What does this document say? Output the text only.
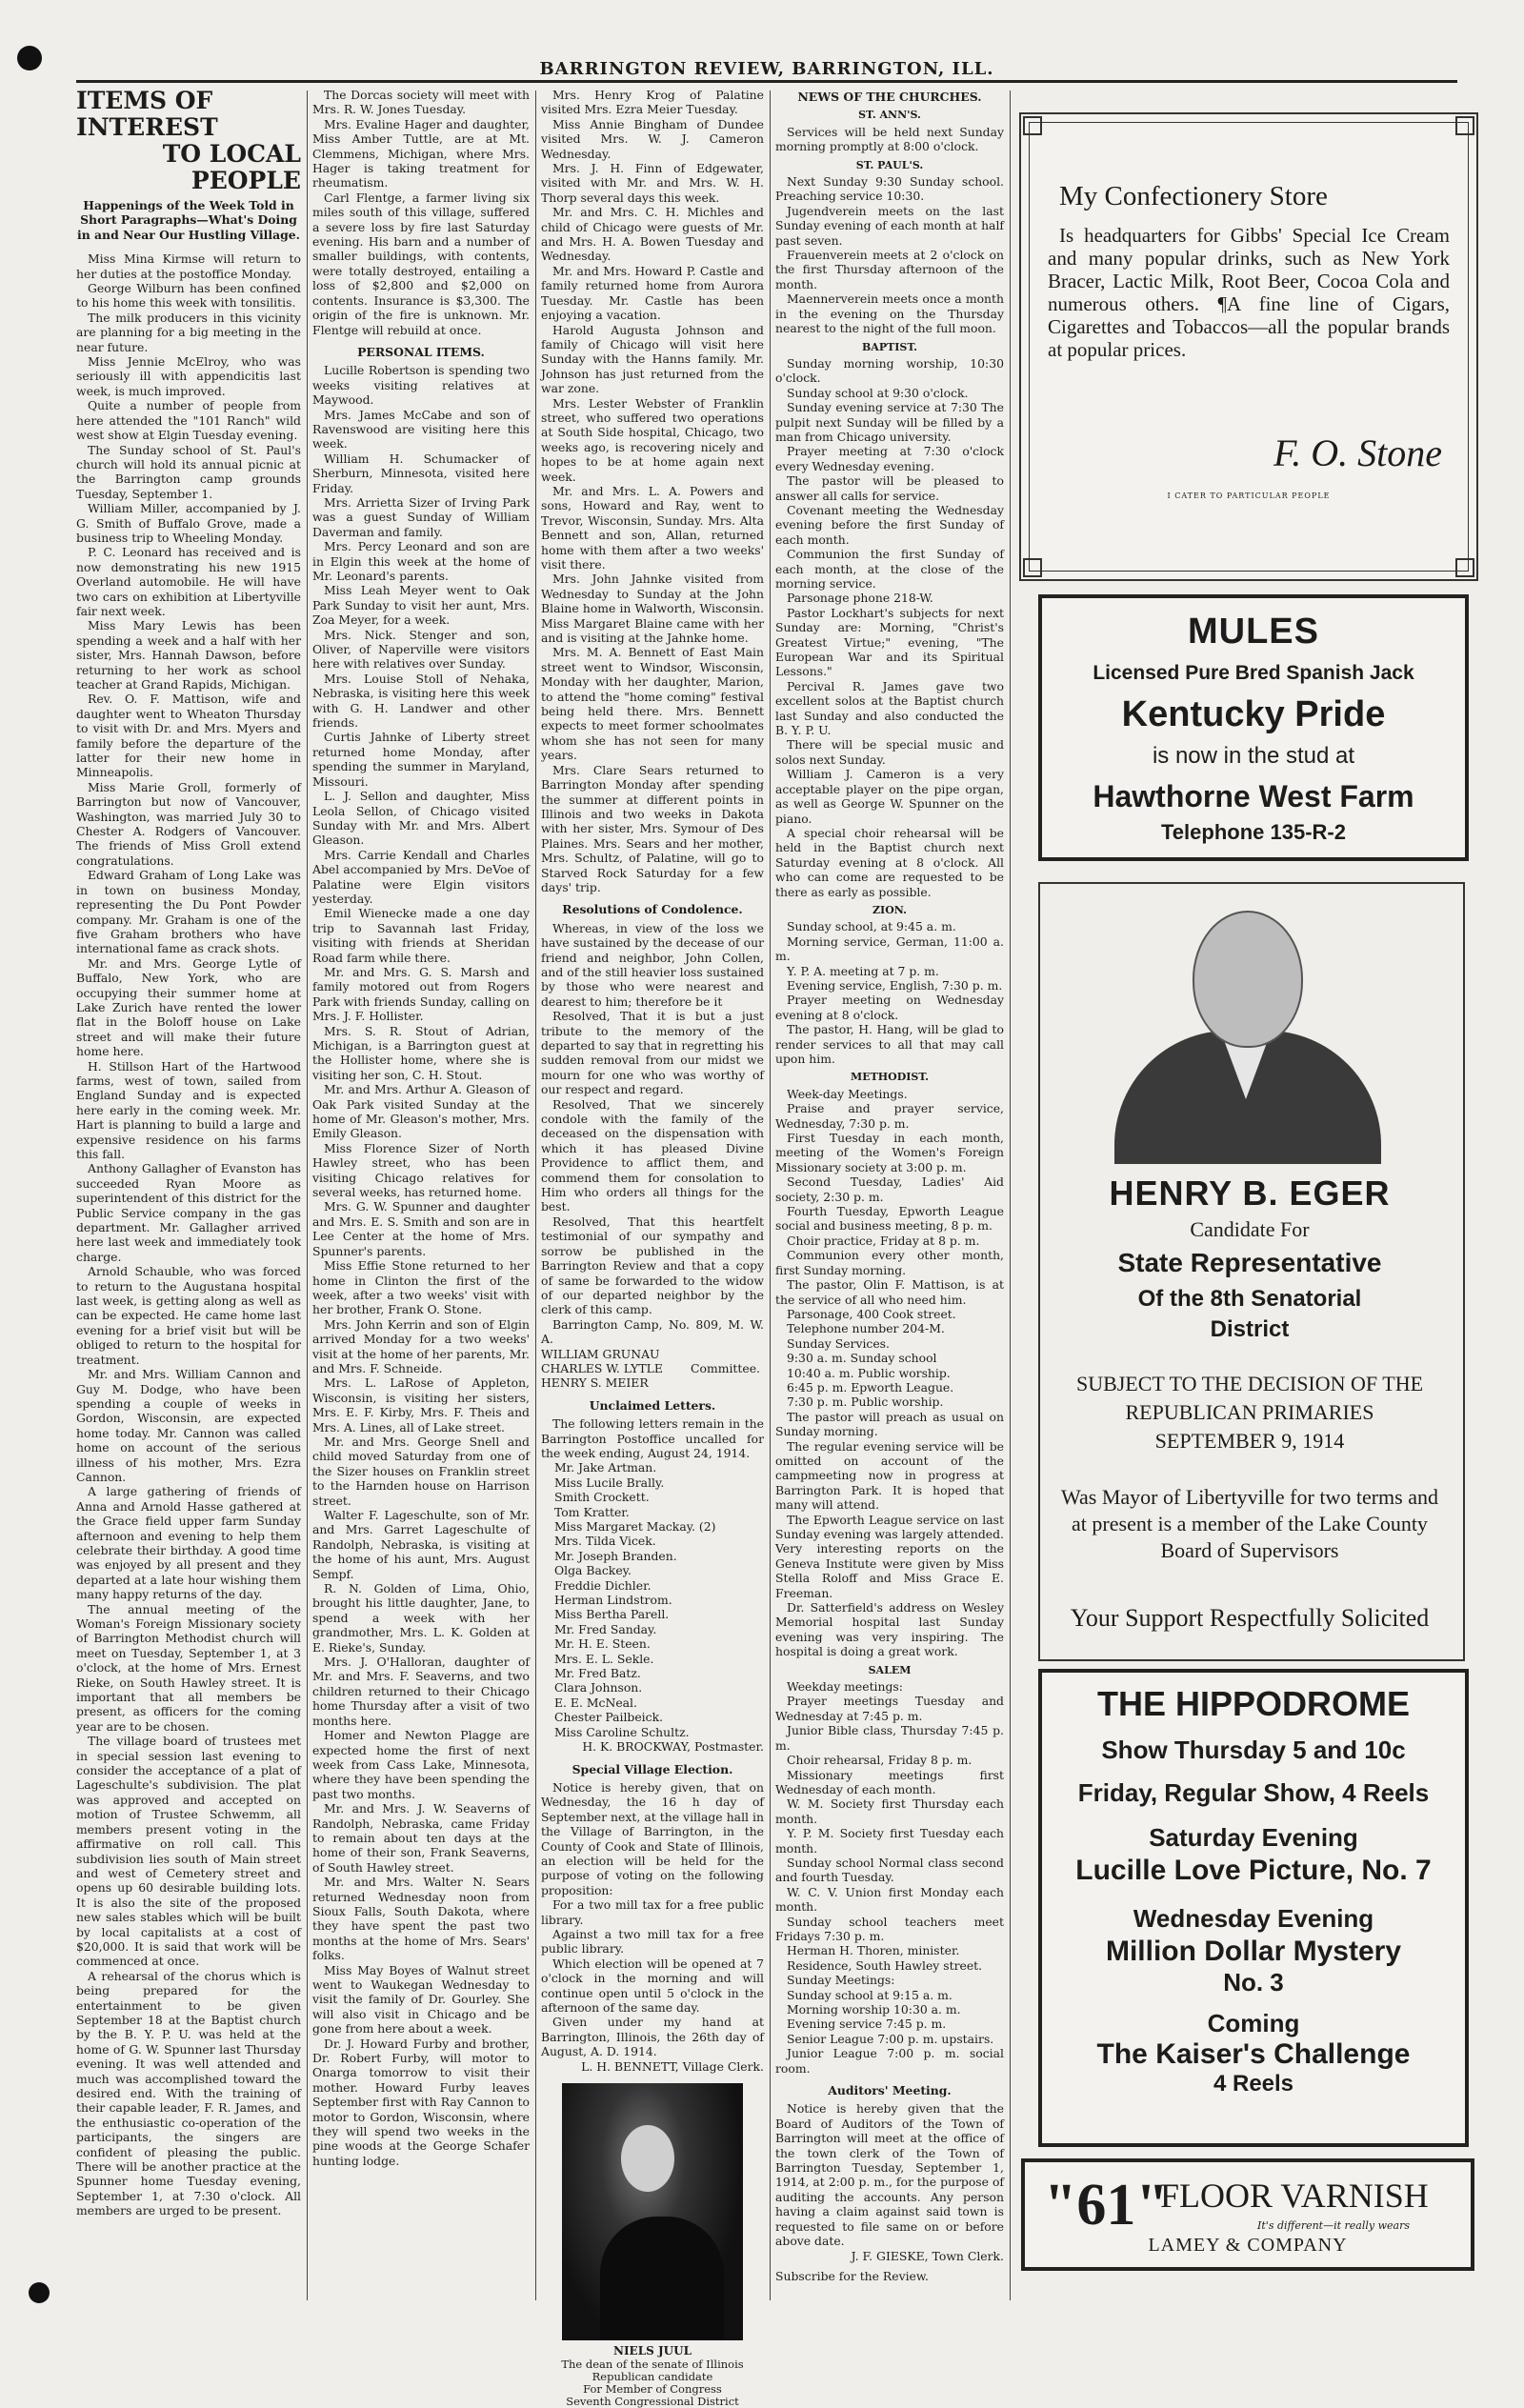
BARRINGTON REVIEW, BARRINGTON, ILL.

ITEMS OF INTEREST

TO LOCAL PEOPLE

Happenings of the Week Told in Short Paragraphs—What's Doing in and Near Our Hustling Village.

Miss Mina Kirmse will return to her duties at the postoffice Monday.

George Wilburn has been confined to his home this week with tonsilitis.

The milk producers in this vicinity are planning for a big meeting in the near future.

Miss Jennie McElroy, who was seriously ill with appendicitis last week, is much improved.

Quite a number of people from here attended the "101 Ranch" wild west show at Elgin Tuesday evening.

The Sunday school of St. Paul's church will hold its annual picnic at the Barrington camp grounds Tuesday, September 1.

William Miller, accompanied by J. G. Smith of Buffalo Grove, made a business trip to Wheeling Monday.

P. C. Leonard has received and is now demonstrating his new 1915 Overland automobile. He will have two cars on exhibition at Libertyville fair next week.

Miss Mary Lewis has been spending a week and a half with her sister, Mrs. Hannah Dawson, before returning to her work as school teacher at Grand Rapids, Michigan.

Rev. O. F. Mattison, wife and daughter went to Wheaton Thursday to visit with Dr. and Mrs. Myers and family before the departure of the latter for their new home in Minneapolis.

Miss Marie Groll, formerly of Barrington but now of Vancouver, Washington, was married July 30 to Chester A. Rodgers of Vancouver. The friends of Miss Groll extend congratulations.

Edward Graham of Long Lake was in town on business Monday, representing the Du Pont Powder company. Mr. Graham is one of the five Graham brothers who have international fame as crack shots.

Mr. and Mrs. George Lytle of Buffalo, New York, who are occupying their summer home at Lake Zurich have rented the lower flat in the Boloff house on Lake street and will make their future home here.

H. Stillson Hart of the Hartwood farms, west of town, sailed from England Sunday and is expected here early in the coming week. Mr. Hart is planning to build a large and expensive residence on his farms this fall.

Anthony Gallagher of Evanston has succeeded Ryan Moore as superintendent of this district for the Public Service company in the gas department. Mr. Gallagher arrived here last week and immediately took charge.

Arnold Schauble, who was forced to return to the Augustana hospital last week, is getting along as well as can be expected. He came home last evening for a brief visit but will be obliged to return to the hospital for treatment.

Mr. and Mrs. William Cannon and Guy M. Dodge, who have been spending a couple of weeks in Gordon, Wisconsin, are expected home today. Mr. Cannon was called home on account of the serious illness of his mother, Mrs. Ezra Cannon.

A large gathering of friends of Anna and Arnold Hasse gathered at the Grace field upper farm Sunday afternoon and evening to help them celebrate their birthday. A good time was enjoyed by all present and they departed at a late hour wishing them many happy returns of the day.

The annual meeting of the Woman's Foreign Missionary society of Barrington Methodist church will meet on Tuesday, September 1, at 3 o'clock, at the home of Mrs. Ernest Rieke, on South Hawley street. It is important that all members be present, as officers for the coming year are to be chosen.

The village board of trustees met in special session last evening to consider the acceptance of a plat of Lageschulte's subdivision. The plat was approved and accepted on motion of Trustee Schwemm, all members present voting in the affirmative on roll call. This subdivision lies south of Main street and west of Cemetery street and opens up 60 desirable building lots. It is also the site of the proposed new sales stables which will be built by local capitalists at a cost of $20,000. It is said that work will be commenced at once.

A rehearsal of the chorus which is being prepared for the entertainment to be given September 18 at the Baptist church by the B. Y. P. U. was held at the home of G. W. Spunner last Thursday evening. It was well attended and much was accomplished toward the desired end. With the training of their capable leader, F. R. James, and the enthusiastic co-operation of the participants, the singers are confident of pleasing the public. There will be another practice at the Spunner home Tuesday evening, September 1, at 7:30 o'clock. All members are urged to be present.

The Dorcas society will meet with Mrs. R. W. Jones Tuesday.

Mrs. Evaline Hager and daughter, Miss Amber Tuttle, are at Mt. Clemmens, Michigan, where Mrs. Hager is taking treatment for rheumatism.

Carl Flentge, a farmer living six miles south of this village, suffered a severe loss by fire last Saturday evening. His barn and a number of smaller buildings, with contents, were totally destroyed, entailing a loss of $2,800 and $2,000 on contents. Insurance is $3,300. The origin of the fire is unknown. Mr. Flentge will rebuild at once.

PERSONAL ITEMS.

Lucille Robertson is spending two weeks visiting relatives at Maywood.

Mrs. James McCabe and son of Ravenswood are visiting here this week.

William H. Schumacker of Sherburn, Minnesota, visited here Friday.

Mrs. Arrietta Sizer of Irving Park was a guest Sunday of William Daverman and family.

Mrs. Percy Leonard and son are in Elgin this week at the home of Mr. Leonard's parents.

Miss Leah Meyer went to Oak Park Sunday to visit her aunt, Mrs. Zoa Meyer, for a week.

Mrs. Nick. Stenger and son, Oliver, of Naperville were visitors here with relatives over Sunday.

Mrs. Louise Stoll of Nehaka, Nebraska, is visiting here this week with G. H. Landwer and other friends.

Curtis Jahnke of Liberty street returned home Monday, after spending the summer in Maryland, Missouri.

L. J. Sellon and daughter, Miss Leola Sellon, of Chicago visited Sunday with Mr. and Mrs. Albert Gleason.

Mrs. Carrie Kendall and Charles Abel accompanied by Mrs. DeVoe of Palatine were Elgin visitors yesterday.

Emil Wienecke made a one day trip to Savannah last Friday, visiting with friends at Sheridan Road farm while there.

Mr. and Mrs. G. S. Marsh and family motored out from Rogers Park with friends Sunday, calling on Mrs. J. F. Hollister.

Mrs. S. R. Stout of Adrian, Michigan, is a Barrington guest at the Hollister home, where she is visiting her son, C. H. Stout.

Mr. and Mrs. Arthur A. Gleason of Oak Park visited Sunday at the home of Mr. Gleason's mother, Mrs. Emily Gleason.

Miss Florence Sizer of North Hawley street, who has been visiting Chicago relatives for several weeks, has returned home.

Mrs. G. W. Spunner and daughter and Mrs. E. S. Smith and son are in Lee Center at the home of Mrs. Spunner's parents.

Miss Effie Stone returned to her home in Clinton the first of the week, after a two weeks' visit with her brother, Frank O. Stone.

Mrs. John Kerrin and son of Elgin arrived Monday for a two weeks' visit at the home of her parents, Mr. and Mrs. F. Schneide.

Mrs. L. LaRose of Appleton, Wisconsin, is visiting her sisters, Mrs. E. F. Kirby, Mrs. F. Theis and Mrs. A. Lines, all of Lake street.

Mr. and Mrs. George Snell and child moved Saturday from one of the Sizer houses on Franklin street to the Harnden house on Harrison street.

Walter F. Lageschulte, son of Mr. and Mrs. Garret Lageschulte of Randolph, Nebraska, is visiting at the home of his aunt, Mrs. August Sempf.

R. N. Golden of Lima, Ohio, brought his little daughter, Jane, to spend a week with her grandmother, Mrs. L. K. Golden at E. Rieke's, Sunday.

Mrs. J. O'Halloran, daughter of Mr. and Mrs. F. Seaverns, and two children returned to their Chicago home Thursday after a visit of two months here.

Homer and Newton Plagge are expected home the first of next week from Cass Lake, Minnesota, where they have been spending the past two months.

Mr. and Mrs. J. W. Seaverns of Randolph, Nebraska, came Friday to remain about ten days at the home of their son, Frank Seaverns, of South Hawley street.

Mr. and Mrs. Walter N. Sears returned Wednesday noon from Sioux Falls, South Dakota, where they have spent the past two months at the home of Mrs. Sears' folks.

Miss May Boyes of Walnut street went to Waukegan Wednesday to visit the family of Dr. Gourley. She will also visit in Chicago and be gone from here about a week.

Dr. J. Howard Furby and brother, Dr. Robert Furby, will motor to Onarga tomorrow to visit their mother. Howard Furby leaves September first with Ray Cannon to motor to Gordon, Wisconsin, where they will spend two weeks in the pine woods at the George Schafer hunting lodge.

Mrs. Henry Krog of Palatine visited Mrs. Ezra Meier Tuesday.

Miss Annie Bingham of Dundee visited Mrs. W. J. Cameron Wednesday.

Mrs. J. H. Finn of Edgewater, visited with Mr. and Mrs. W. H. Thorp several days this week.

Mr. and Mrs. C. H. Michles and child of Chicago were guests of Mr. and Mrs. H. A. Bowen Tuesday and Wednesday.

Mr. and Mrs. Howard P. Castle and family returned home from Aurora Tuesday. Mr. Castle has been enjoying a vacation.

Harold Augusta Johnson and family of Chicago will visit here Sunday with the Hanns family. Mr. Johnson has just returned from the war zone.

Mrs. Lester Webster of Franklin street, who suffered two operations at South Side hospital, Chicago, two weeks ago, is recovering nicely and hopes to be at home again next week.

Mr. and Mrs. L. A. Powers and sons, Howard and Ray, went to Trevor, Wisconsin, Sunday. Mrs. Alta Bennett and son, Allan, returned home with them after a two weeks' visit there.

Mrs. John Jahnke visited from Wednesday to Sunday at the John Blaine home in Walworth, Wisconsin. Miss Margaret Blaine came with her and is visiting at the Jahnke home.

Mrs. M. A. Bennett of East Main street went to Windsor, Wisconsin, Monday with her daughter, Marion, to attend the "home coming" festival being held there. Mrs. Bennett expects to meet former schoolmates whom she has not seen for many years.

Mrs. Clare Sears returned to Barrington Monday after spending the summer at different points in Illinois and two weeks in Dakota with her sister, Mrs. Symour of Des Plaines. Mrs. Sears and her mother, Mrs. Schultz, of Palatine, will go to Starved Rock Saturday for a few days' trip.

Resolutions of Condolence.

Whereas, in view of the loss we have sustained by the decease of our friend and neighbor, John Collen, and of the still heavier loss sustained by those who were nearest and dearest to him; therefore be it

Resolved, That it is but a just tribute to the memory of the departed to say that in regretting his sudden removal from our midst we mourn for one who was worthy of our respect and regard.

Resolved, That we sincerely condole with the family of the deceased on the dispensation with which it has pleased Divine Providence to afflict them, and commend them for consolation to Him who orders all things for the best.

Resolved, That this heartfelt testimonial of our sympathy and sorrow be published in the Barrington Review and that a copy of same be forwarded to the widow of our departed neighbor by the clerk of this camp.

Barrington Camp, No. 809, M. W. A.

WILLIAM GRUNAU

CHARLES W. LYTLE

HENRY S. MEIER

Committee.

Unclaimed Letters.

The following letters remain in the Barrington Postoffice uncalled for the week ending, August 24, 1914.

Mr. Jake Artman.

Miss Lucile Brally.

Smith Crockett.

Tom Kratter.

Miss Margaret Mackay. (2)

Mrs. Tilda Vicek.

Mr. Joseph Branden.

Olga Backey.

Freddie Dichler.

Herman Lindstrom.

Miss Bertha Parell.

Mr. Fred Sanday.

Mr. H. E. Steen.

Mrs. E. L. Sekle.

Mr. Fred Batz.

Clara Johnson.

E. E. McNeal.

Chester Pailbeick.

Miss Caroline Schultz.

H. K. BROCKWAY, Postmaster.

Special Village Election.

Notice is hereby given, that on Wednesday, the 16 h day of September next, at the village hall in the Village of Barrington, in the County of Cook and State of Illinois, an election will be held for the purpose of voting on the following proposition:

For a two mill tax for a free public library.

Against a two mill tax for a free public library.

Which election will be opened at 7 o'clock in the morning and will continue open until 5 o'clock in the afternoon of the same day.

Given under my hand at Barrington, Illinois, the 26th day of August, A. D. 1914.

L. H. BENNETT, Village Clerk.

NIELS JUUL

The dean of the senate of Illinois

Republican candidate

For Member of Congress

Seventh Congressional District

NEWS OF THE CHURCHES.

ST. ANN'S.

Services will be held next Sunday morning promptly at 8:00 o'clock.

ST. PAUL'S.

Next Sunday 9:30 Sunday school. Preaching service 10:30.

Jugendverein meets on the last Sunday evening of each month at half past seven.

Frauenverein meets at 2 o'clock on the first Thursday afternoon of the month.

Maennerverein meets once a month in the evening on the Thursday nearest to the night of the full moon.

BAPTIST.

Sunday morning worship, 10:30 o'clock.

Sunday school at 9:30 o'clock.

Sunday evening service at 7:30 The pulpit next Sunday will be filled by a man from Chicago university.

Prayer meeting at 7:30 o'clock every Wednesday evening.

The pastor will be pleased to answer all calls for service.

Covenant meeting the Wednesday evening before the first Sunday of each month.

Communion the first Sunday of each month, at the close of the morning service.

Parsonage phone 218-W.

Pastor Lockhart's subjects for next Sunday are: Morning, "Christ's Greatest Virtue;" evening, "The European War and its Spiritual Lessons."

Percival R. James gave two excellent solos at the Baptist church last Sunday and also conducted the B. Y. P. U.

There will be special music and solos next Sunday.

William J. Cameron is a very acceptable player on the pipe organ, as well as George W. Spunner on the piano.

A special choir rehearsal will be held in the Baptist church next Saturday evening at 8 o'clock. All who can come are requested to be there as early as possible.

ZION.

Sunday school, at 9:45 a. m.

Morning service, German, 11:00 a. m.

Y. P. A. meeting at 7 p. m.

Evening service, English, 7:30 p. m.

Prayer meeting on Wednesday evening at 8 o'clock.

The pastor, H. Hang, will be glad to render services to all that may call upon him.

METHODIST.

Week-day Meetings.

Praise and prayer service, Wednesday, 7:30 p. m.

First Tuesday in each month, meeting of the Women's Foreign Missionary society at 3:00 p. m.

Second Tuesday, Ladies' Aid society, 2:30 p. m.

Fourth Tuesday, Epworth League social and business meeting, 8 p. m.

Choir practice, Friday at 8 p. m.

Communion every other month, first Sunday morning.

The pastor, Olin F. Mattison, is at the service of all who need him.

Parsonage, 400 Cook street.

Telephone number 204-M.

Sunday Services.

9:30 a. m. Sunday school

10:40 a. m. Public worship.

6:45 p. m. Epworth League.

7:30 p. m. Public worship.

The pastor will preach as usual on Sunday morning.

The regular evening service will be omitted on account of the campmeeting now in progress at Barrington Park. It is hoped that many will attend.

The Epworth League service on last Sunday evening was largely attended. Very interesting reports on the Geneva Institute were given by Miss Stella Roloff and Miss Grace E. Freeman.

Dr. Satterfield's address on Wesley Memorial hospital last Sunday evening was very inspiring. The hospital is doing a great work.

SALEM

Weekday meetings:

Prayer meetings Tuesday and Wednesday at 7:45 p. m.

Junior Bible class, Thursday 7:45 p. m.

Choir rehearsal, Friday 8 p. m.

Missionary meetings first Wednesday of each month.

W. M. Society first Thursday each month.

Y. P. M. Society first Tuesday each month.

Sunday school Normal class second and fourth Tuesday.

W. C. V. Union first Monday each month.

Sunday school teachers meet Fridays 7:30 p. m.

Herman H. Thoren, minister.

Residence, South Hawley street.

Sunday Meetings:

Sunday school at 9:15 a. m.

Morning worship 10:30 a. m.

Evening service 7:45 p. m.

Senior League 7:00 p. m. upstairs.

Junior League 7:00 p. m. social room.

Auditors' Meeting.

Notice is hereby given that the Board of Auditors of the Town of Barrington will meet at the office of the town clerk of the Town of Barrington Tuesday, September 1, 1914, at 2:00 p. m., for the purpose of auditing the accounts. Any person having a claim against said town is requested to file same on or before above date.

J. F. GIESKE, Town Clerk.

Subscribe for the Review.

My Confectionery Store

Is headquarters for Gibbs' Special Ice Cream and many popular drinks, such as New York Bracer, Lactic Milk, Root Beer, Cocoa Cola and numerous others. ¶A fine line of Cigars, Cigarettes and Tobaccos—all the popular brands at popular prices.

F. O. Stone
I CATER TO PARTICULAR PEOPLE
MULES
Licensed Pure Bred Spanish Jack
Kentucky Pride
is now in the stud at
Hawthorne West Farm
Telephone 135-R-2
HENRY B. EGER
Candidate For
State Representative
Of the 8th Senatorial
District
SUBJECT TO THE DECISION OF THE
REPUBLICAN PRIMARIES
SEPTEMBER 9, 1914
Was Mayor of Libertyville for two terms and at present is a member of the Lake County Board of Supervisors
Your Support Respectfully Solicited
THE HIPPODROME
Show Thursday 5 and 10c
Friday, Regular Show, 4 Reels
Saturday Evening
Lucille Love Picture, No. 7
Wednesday Evening
Million Dollar Mystery
No. 3
Coming
The Kaiser's Challenge
4 Reels
"61"
FLOOR VARNISH
It's different—it really wears
LAMEY & COMPANY
